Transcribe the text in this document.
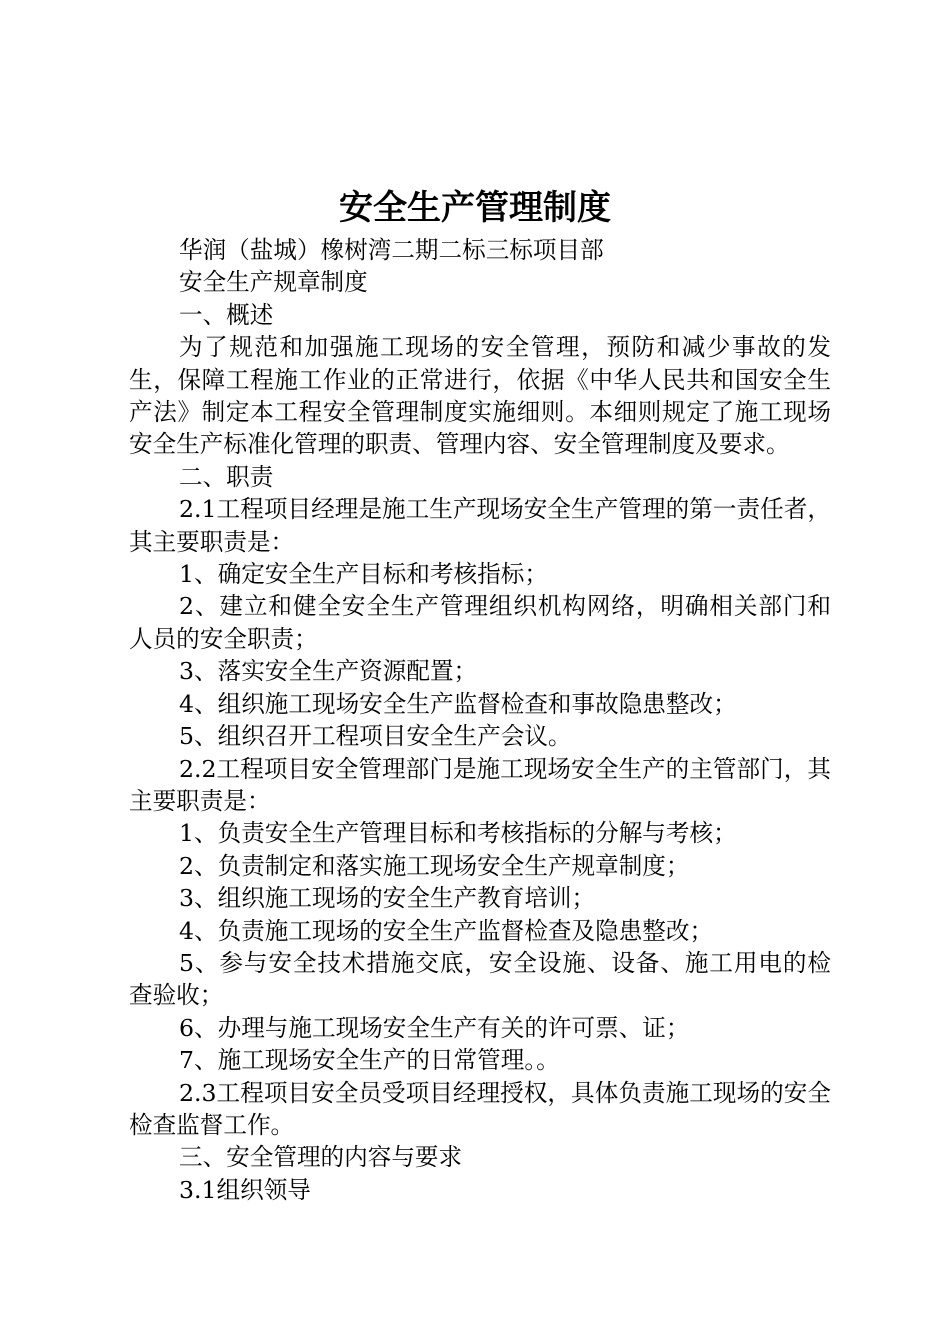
安全生产管理制度

华润（盐城）橡树湾二期二标三标项目部

安全生产规章制度

一、概述

为了规范和加强施工现场的安全管理，预防和减少事故的发生，保障工程施工作业的正常进行，依据《中华人民共和国安全生产法》制定本工程安全管理制度实施细则。本细则规定了施工现场安全生产标准化管理的职责、管理内容、安全管理制度及要求。

二、职责

2.1工程项目经理是施工生产现场安全生产管理的第一责任者，其主要职责是：

1、确定安全生产目标和考核指标；

2、建立和健全安全生产管理组织机构网络，明确相关部门和人员的安全职责；

3、落实安全生产资源配置；

4、组织施工现场安全生产监督检查和事故隐患整改；

5、组织召开工程项目安全生产会议。

2.2工程项目安全管理部门是施工现场安全生产的主管部门，其主要职责是：

1、负责安全生产管理目标和考核指标的分解与考核；

2、负责制定和落实施工现场安全生产规章制度；

3、组织施工现场的安全生产教育培训；

4、负责施工现场的安全生产监督检查及隐患整改；

5、参与安全技术措施交底，安全设施、设备、施工用电的检查验收；

6、办理与施工现场安全生产有关的许可票、证；

7、施工现场安全生产的日常管理。。

2.3工程项目安全员受项目经理授权，具体负责施工现场的安全检查监督工作。

三、安全管理的内容与要求

3.1组织领导
